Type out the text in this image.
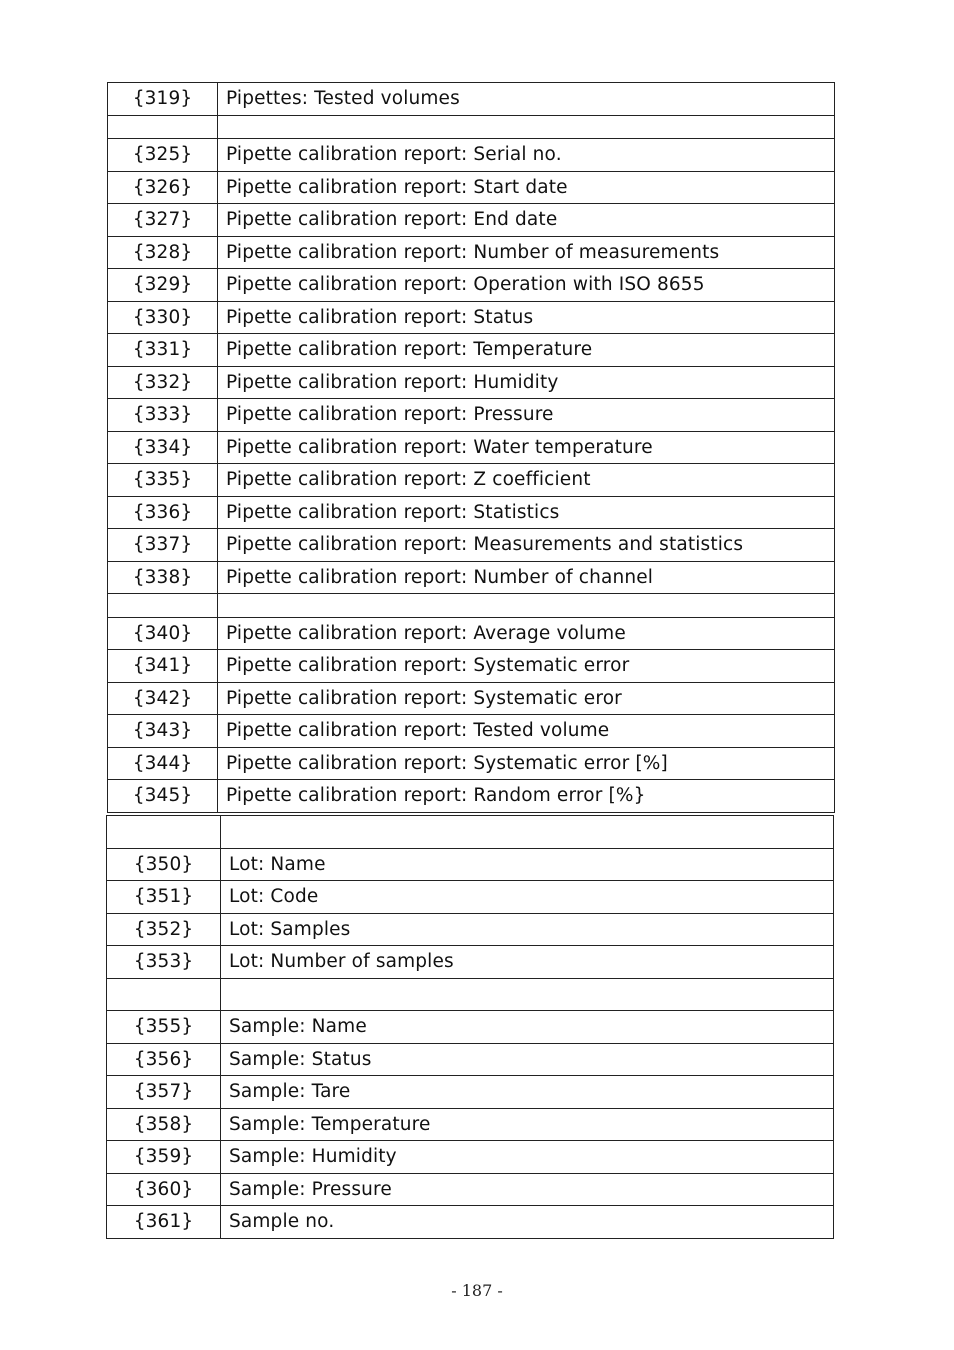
{319}	Pipettes: Tested volumes

{325}	Pipette calibration report: Serial no.
{326}	Pipette calibration report: Start date
{327}	Pipette calibration report: End date
{328}	Pipette calibration report: Number of measurements
{329}	Pipette calibration report: Operation with ISO 8655
{330}	Pipette calibration report: Status
{331}	Pipette calibration report: Temperature
{332}	Pipette calibration report: Humidity
{333}	Pipette calibration report: Pressure
{334}	Pipette calibration report: Water temperature
{335}	Pipette calibration report: Z coefficient
{336}	Pipette calibration report: Statistics
{337}	Pipette calibration report: Measurements and statistics
{338}	Pipette calibration report: Number of channel

{340}	Pipette calibration report: Average volume
{341}	Pipette calibration report: Systematic error
{342}	Pipette calibration report: Systematic eror
{343}	Pipette calibration report: Tested volume
{344}	Pipette calibration report: Systematic error [%]
{345}	Pipette calibration report: Random error [%}

{350}	Lot: Name
{351}	Lot: Code
{352}	Lot: Samples
{353}	Lot: Number of samples

{355}	Sample: Name
{356}	Sample: Status
{357}	Sample: Tare
{358}	Sample: Temperature
{359}	Sample: Humidity
{360}	Sample: Pressure
{361}	Sample no.
- 187 -
